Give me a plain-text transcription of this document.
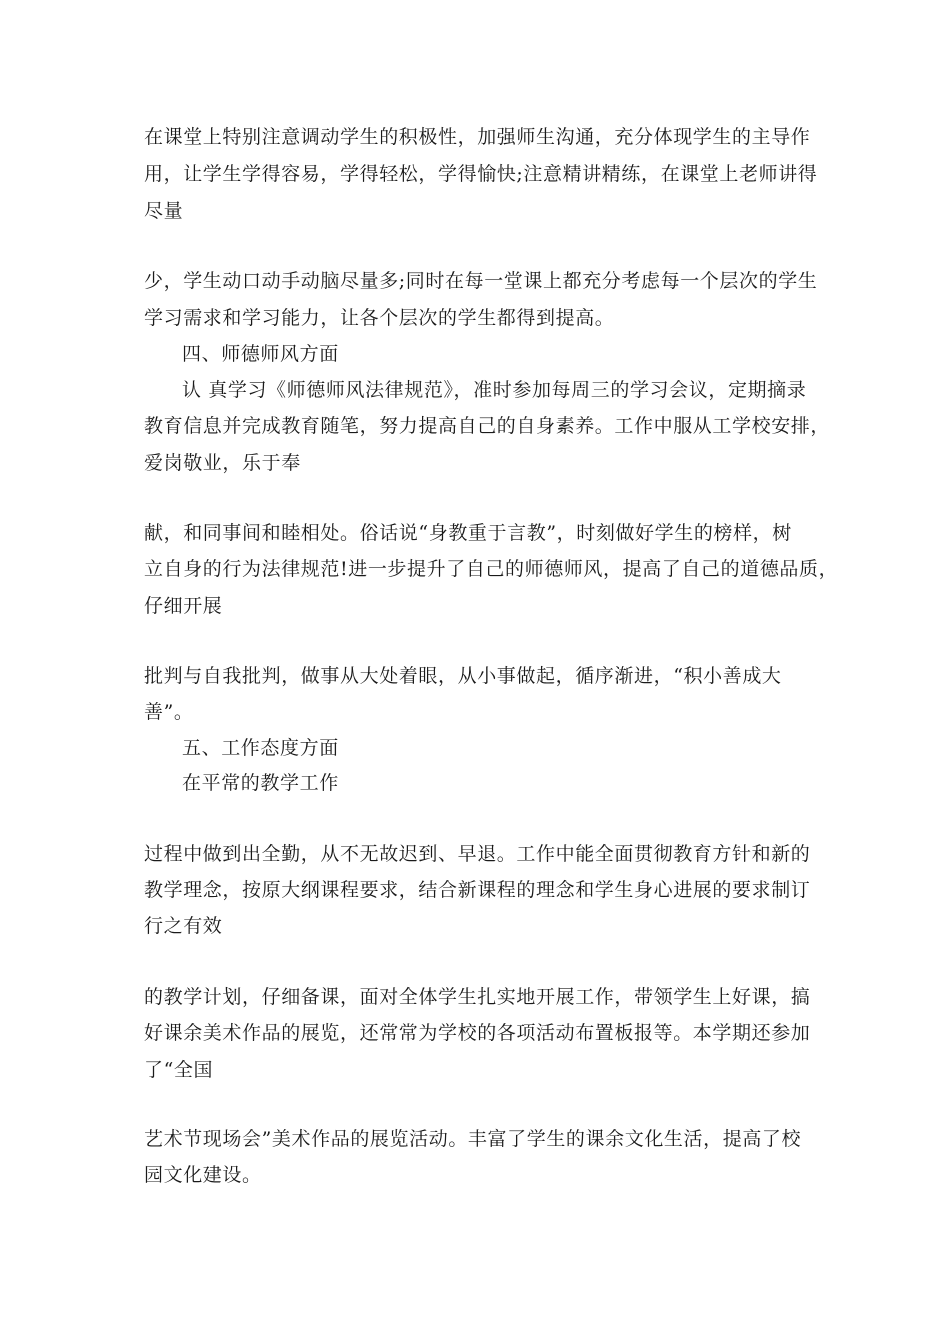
在课堂上特别注意调动学生的积极性，加强师生沟通，充分体现学生的主导作
用，让学生学得容易，学得轻松，学得愉快;注意精讲精练，在课堂上老师讲得
尽量
少，学生动口动手动脑尽量多;同时在每一堂课上都充分考虑每一个层次的学生
学习需求和学习能力，让各个层次的学生都得到提高。
四、师德师风方面
认 真学习《师德师风法律规范》，准时参加每周三的学习会议，定期摘录
教育信息并完成教育随笔，努力提高自己的自身素养。工作中服从工学校安排，
爱岗敬业，乐于奉
献，和同事间和睦相处。俗话说“身教重于言教”，时刻做好学生的榜样，树
立自身的行为法律规范!进一步提升了自己的师德师风，提高了自己的道德品质，
仔细开展
批判与自我批判，做事从大处着眼，从小事做起，循序渐进，“积小善成大
善”。
五、工作态度方面
在平常的教学工作
过程中做到出全勤，从不无故迟到、早退。工作中能全面贯彻教育方针和新的
教学理念，按原大纲课程要求，结合新课程的理念和学生身心进展的要求制订
行之有效
的教学计划，仔细备课，面对全体学生扎实地开展工作，带领学生上好课，搞
好课余美术作品的展览，还常常为学校的各项活动布置板报等。本学期还参加
了“全国
艺术节现场会”美术作品的展览活动。丰富了学生的课余文化生活，提高了校
园文化建设。
